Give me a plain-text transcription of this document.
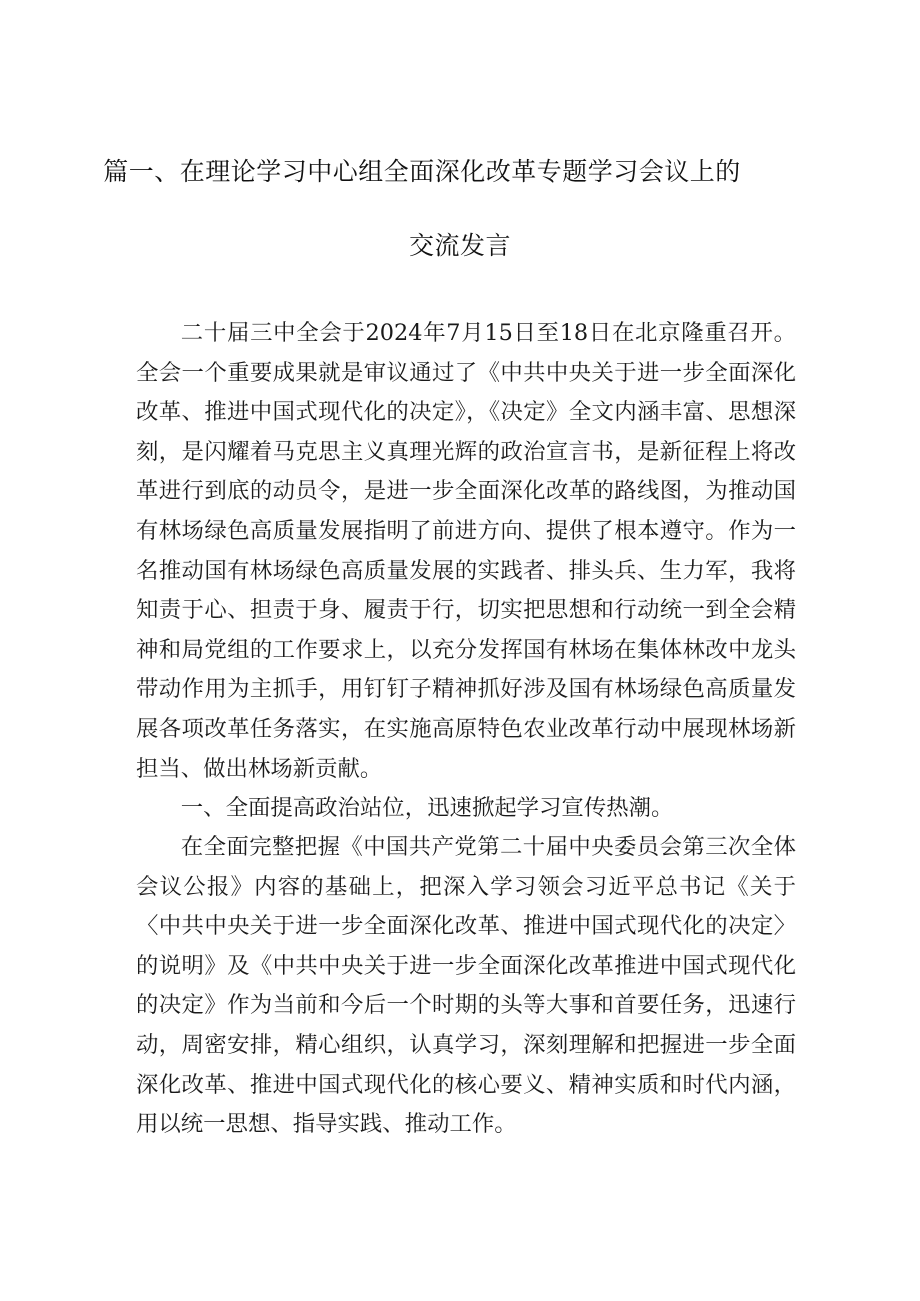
篇一、在理论学习中心组全面深化改革专题学习会议上的
交流发言

二十届三中全会于2024年7月15日至18日在北京隆重召开。全会一个重要成果就是审议通过了《中共中央关于进一步全面深化改革、推进中国式现代化的决定》，《决定》全文内涵丰富、思想深刻，是闪耀着马克思主义真理光辉的政治宣言书，是新征程上将改革进行到底的动员令，是进一步全面深化改革的路线图，为推动国有林场绿色高质量发展指明了前进方向、提供了根本遵守。作为一名推动国有林场绿色高质量发展的实践者、排头兵、生力军，我将知责于心、担责于身、履责于行，切实把思想和行动统一到全会精神和局党组的工作要求上，以充分发挥国有林场在集体林改中龙头带动作用为主抓手，用钉钉子精神抓好涉及国有林场绿色高质量发展各项改革任务落实，在实施高原特色农业改革行动中展现林场新担当、做出林场新贡献。

一、全面提高政治站位，迅速掀起学习宣传热潮。

在全面完整把握《中国共产党第二十届中央委员会第三次全体会议公报》内容的基础上，把深入学习领会习近平总书记《关于〈中共中央关于进一步全面深化改革、推进中国式现代化的决定〉的说明》及《中共中央关于进一步全面深化改革推进中国式现代化的决定》作为当前和今后一个时期的头等大事和首要任务，迅速行动，周密安排，精心组织，认真学习，深刻理解和把握进一步全面深化改革、推进中国式现代化的核心要义、精神实质和时代内涵，用以统一思想、指导实践、推动工作。
